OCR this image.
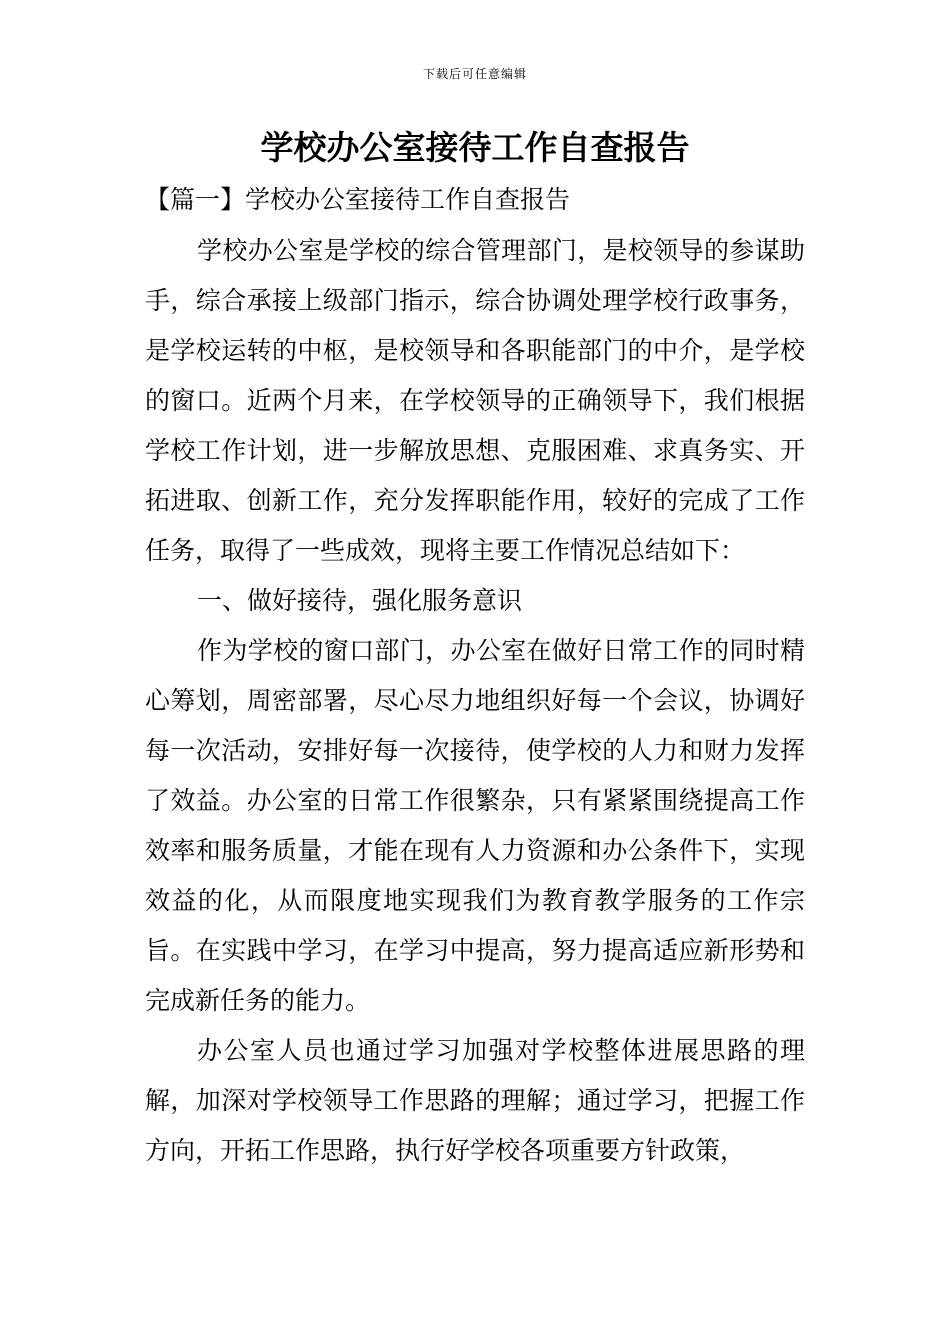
下载后可任意编辑
学校办公室接待工作自查报告

【篇一】学校办公室接待工作自查报告

学校办公室是学校的综合管理部门，是校领导的参谋助手，综合承接上级部门指示，综合协调处理学校行政事务，是学校运转的中枢，是校领导和各职能部门的中介，是学校的窗口。近两个月来，在学校领导的正确领导下，我们根据学校工作计划，进一步解放思想、克服困难、求真务实、开拓进取、创新工作，充分发挥职能作用，较好的完成了工作任务，取得了一些成效，现将主要工作情况总结如下：

一、做好接待，强化服务意识

作为学校的窗口部门，办公室在做好日常工作的同时精心筹划，周密部署，尽心尽力地组织好每一个会议，协调好每一次活动，安排好每一次接待，使学校的人力和财力发挥了效益。办公室的日常工作很繁杂，只有紧紧围绕提高工作效率和服务质量，才能在现有人力资源和办公条件下，实现效益的化，从而限度地实现我们为教育教学服务的工作宗旨。在实践中学习，在学习中提高，努力提高适应新形势和完成新任务的能力。

办公室人员也通过学习加强对学校整体进展思路的理解，加深对学校领导工作思路的理解；通过学习，把握工作方向，开拓工作思路，执行好学校各项重要方针政策，
